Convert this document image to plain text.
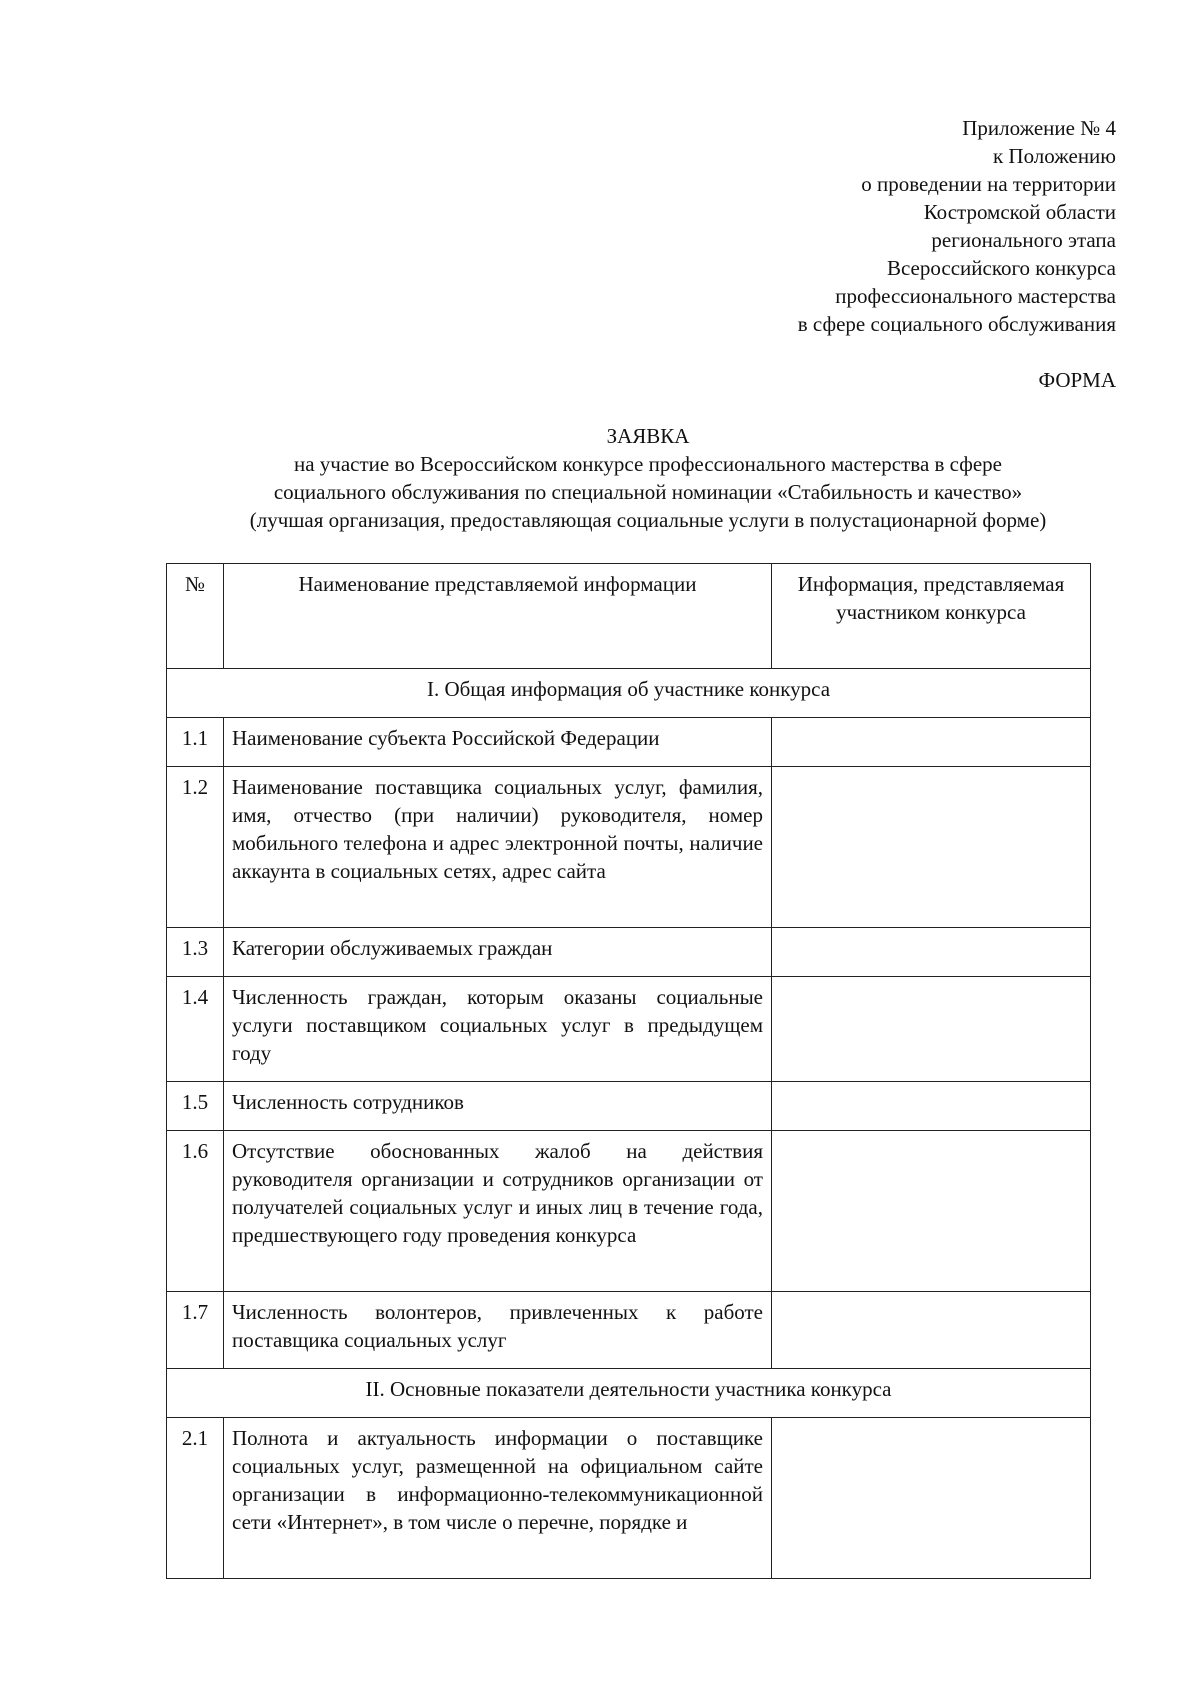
Приложение № 4
к Положению
о проведении на территории
Костромской области
регионального этапа
Всероссийского конкурса
профессионального мастерства
в сфере социального обслуживания
ФОРМА
ЗАЯВКА
на участие во Всероссийском конкурсе профессионального мастерства в сфере
социального обслуживания по специальной номинации «Стабильность и качество»
(лучшая организация, предоставляющая социальные услуги в полустационарной форме)
№	Наименование представляемой информации	Информация, представляемая участником конкурса
I. Общая информация об участнике конкурса		
1.1	Наименование субъекта Российской Федерации	
1.2	Наименование поставщика социальных услуг, фамилия, имя, отчество (при наличии) руководителя, номер мобильного телефона и адрес электронной почты, наличие аккаунта в социальных сетях, адрес сайта	
1.3	Категории обслуживаемых граждан	
1.4	Численность граждан, которым оказаны социальные услуги поставщиком социальных услуг в предыдущем году	
1.5	Численность сотрудников	
1.6	Отсутствие обоснованных жалоб на действия руководителя организации и сотрудников организации от получателей социальных услуг и иных лиц в течение года, предшествующего году проведения конкурса	
1.7	Численность волонтеров, привлеченных к работе поставщика социальных услуг	
II. Основные показатели деятельности участника конкурса		
2.1	Полнота и актуальность информации о поставщике социальных услуг, размещенной на официальном сайте организации в информационно-телекоммуникационной сети «Интернет», в том числе о перечне, порядке и	
